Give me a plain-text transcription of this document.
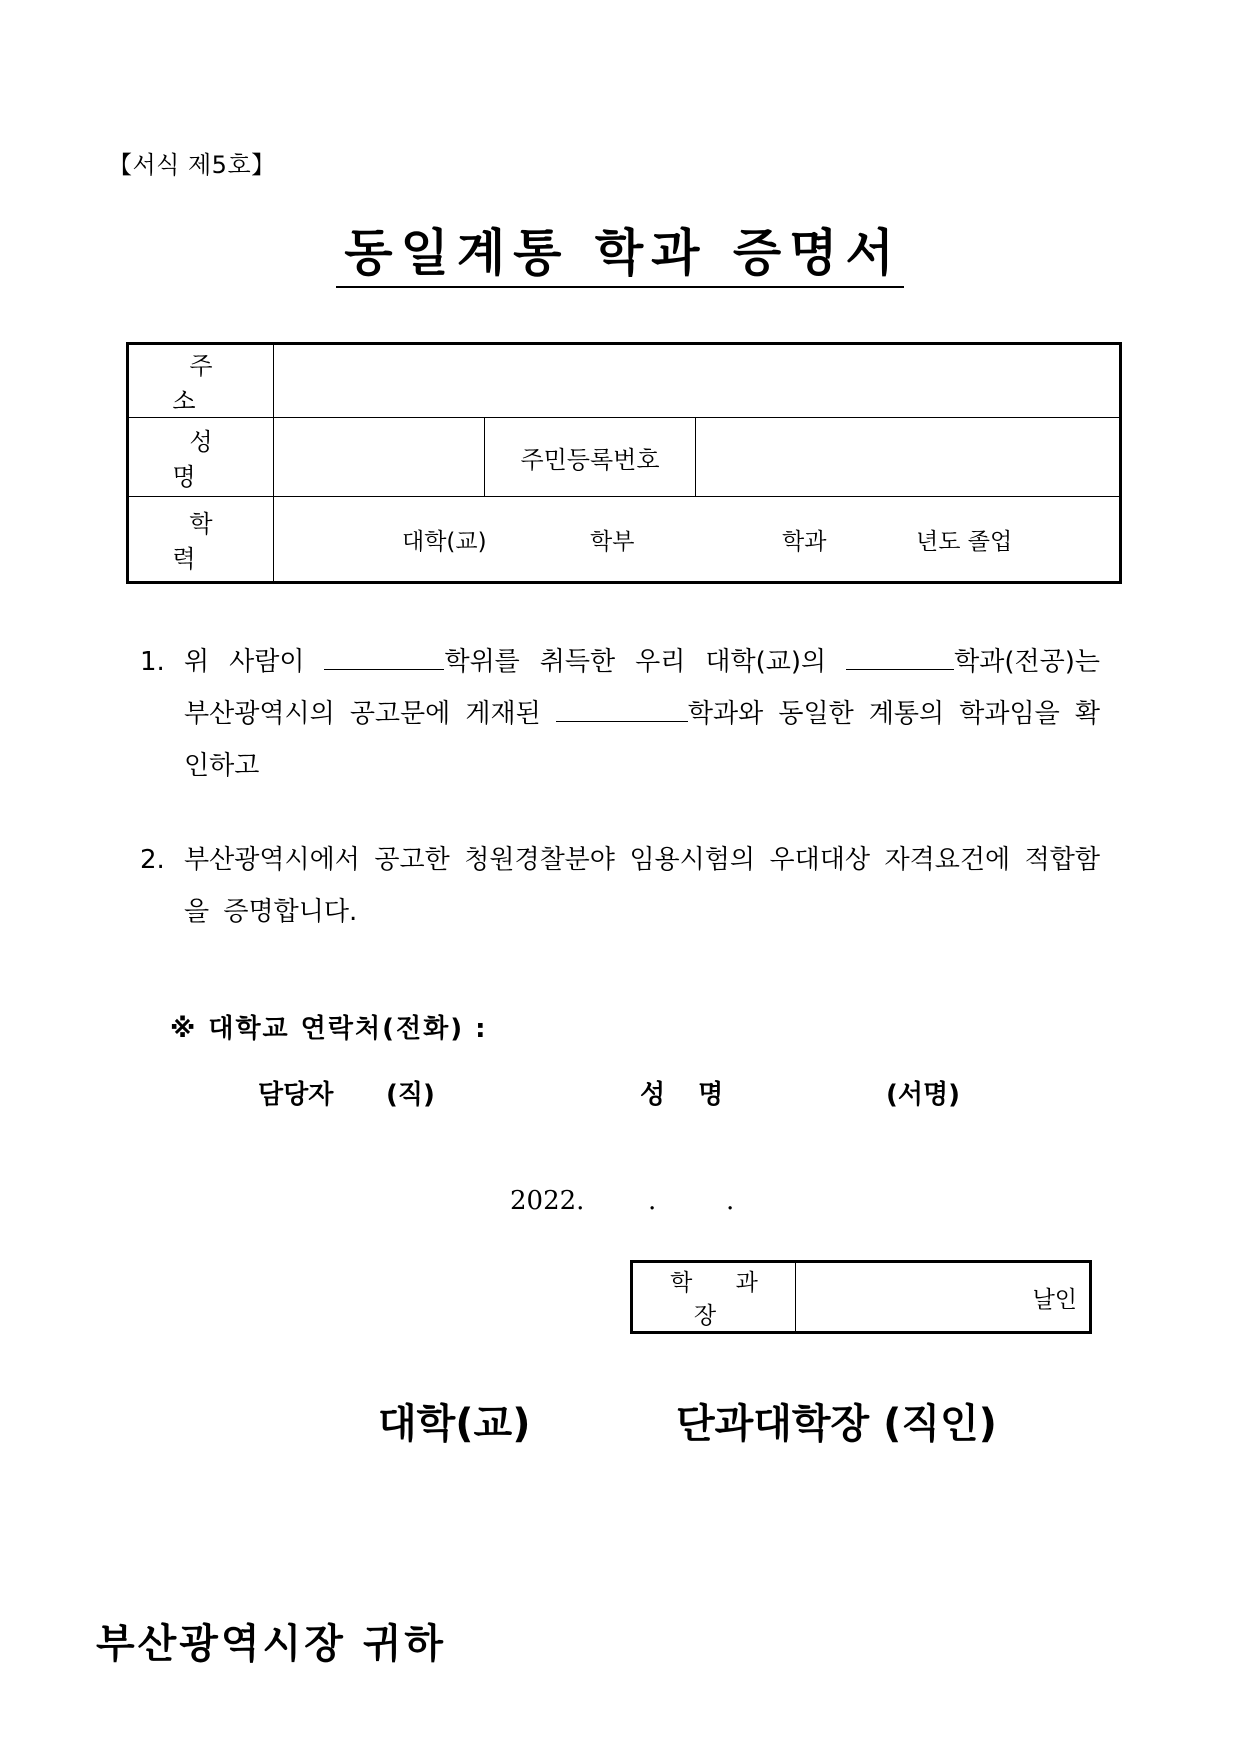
【서식 제5호】
동일계통 학과 증명서
주 소			
성 명		주민등록번호	
학 력	대학(교) 학부 학과 년도 졸업		
1. 위 사람이	학위를 취득한 우리 대학(교)의	학과(전공)는 부산광역시의 공고문에 게재된	학과와 동일한 계통의 학과임을 확인하고
2. 부산광역시에서 공고한 청원경찰분야 임용시험의 우대대상 자격요건에 적합함을 증명합니다.
※ 대학교 연락처(전화) :
담당자 (직)	성 명	(서명)
2022. .	.
학 과 장	날인
대학(교)	단과대학장 (직인)
부산광역시장 귀하
